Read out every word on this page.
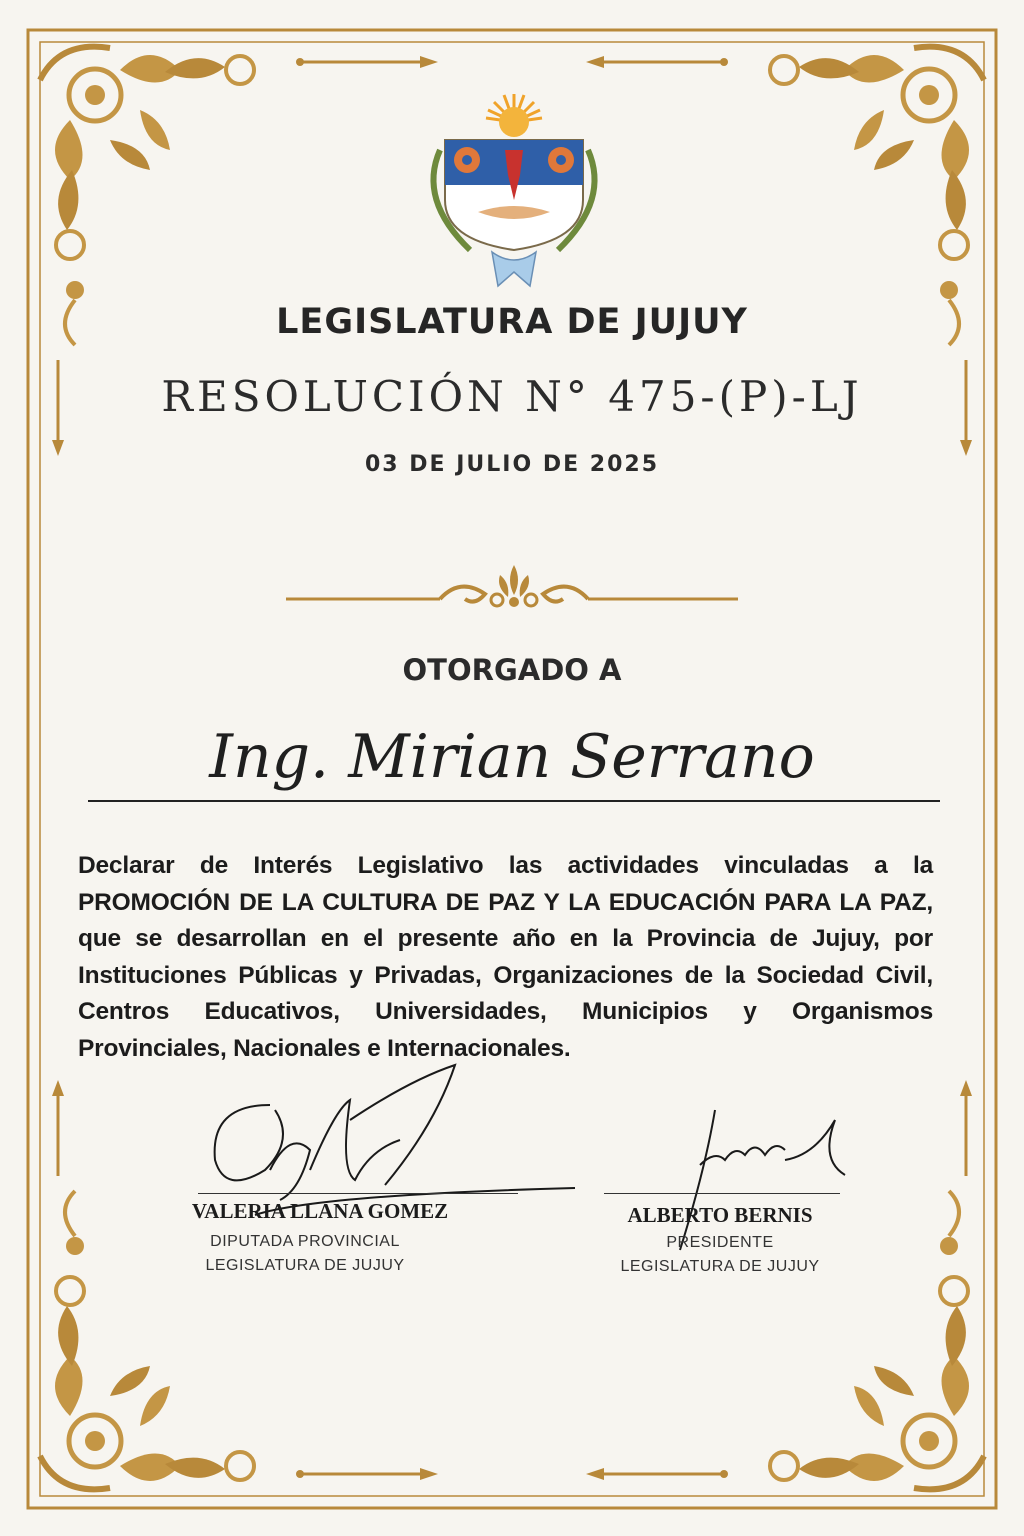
LEGISLATURA DE JUJUY
RESOLUCIÓN N° 475-(P)-LJ
03 DE JULIO DE 2025
OTORGADO A
Ing. Mirian Serrano
Declarar de Interés Legislativo las actividades vinculadas a la PROMOCIÓN DE LA CULTURA DE PAZ Y LA EDUCACIÓN PARA LA PAZ, que se desarrollan en el presente año en la Provincia de Jujuy, por Instituciones Públicas y Privadas, Organizaciones de la Sociedad Civil, Centros Educativos, Universidades, Municipios y Organismos Provinciales, Nacionales e Internacionales.
VALERIA LLANA GOMEZ
DIPUTADA PROVINCIAL
LEGISLATURA DE JUJUY
ALBERTO BERNIS
PRESIDENTE
LEGISLATURA DE JUJUY
